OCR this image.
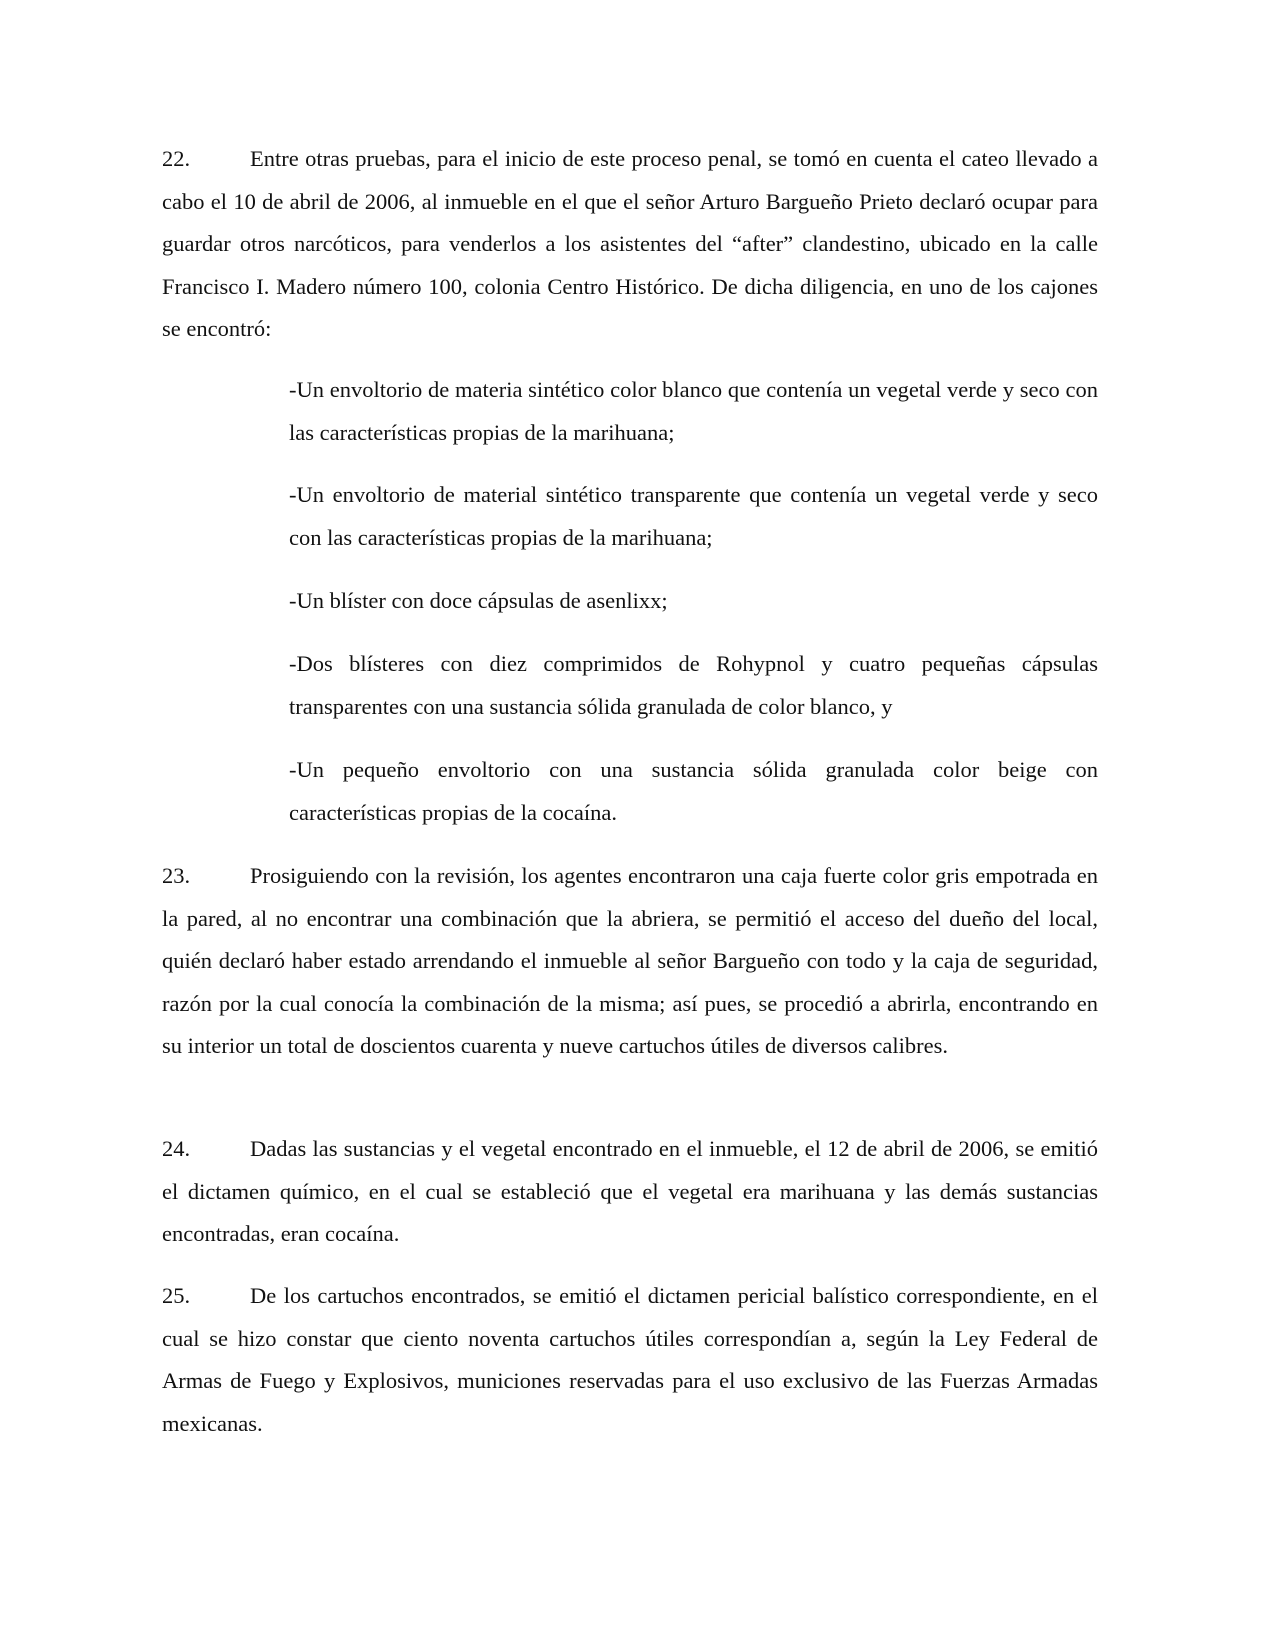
22.	Entre otras pruebas, para el inicio de este proceso penal, se tomó en cuenta el cateo llevado a cabo el 10 de abril de 2006, al inmueble en el que el señor Arturo Bargueño Prieto declaró ocupar para guardar otros narcóticos, para venderlos a los asistentes del “after” clandestino, ubicado en la calle Francisco I. Madero número 100, colonia Centro Histórico. De dicha diligencia, en uno de los cajones se encontró:

-Un envoltorio de materia sintético color blanco que contenía un vegetal verde y seco con las características propias de la marihuana;

-Un envoltorio de material sintético transparente que contenía un vegetal verde y seco con las características propias de la marihuana;

-Un blíster con doce cápsulas de asenlixx;

-Dos blísteres con diez comprimidos de Rohypnol y cuatro pequeñas cápsulas transparentes con una sustancia sólida granulada de color blanco, y

-Un pequeño envoltorio con una sustancia sólida granulada color beige con características propias de la cocaína.

23.	Prosiguiendo con la revisión, los agentes encontraron una caja fuerte color gris empotrada en la pared, al no encontrar una combinación que la abriera, se permitió el acceso del dueño del local, quién declaró haber estado arrendando el inmueble al señor Bargueño con todo y la caja de seguridad, razón por la cual conocía la combinación de la misma; así pues, se procedió a abrirla, encontrando en su interior un total de doscientos cuarenta y nueve cartuchos útiles de diversos calibres.

24.	Dadas las sustancias y el vegetal encontrado en el inmueble, el 12 de abril de 2006, se emitió el dictamen químico, en el cual se estableció que el vegetal era marihuana y las demás sustancias encontradas, eran cocaína.

25.	De los cartuchos encontrados, se emitió el dictamen pericial balístico correspondiente, en el cual se hizo constar que ciento noventa cartuchos útiles correspondían a, según la Ley Federal de Armas de Fuego y Explosivos, municiones reservadas para el uso exclusivo de las Fuerzas Armadas mexicanas.
